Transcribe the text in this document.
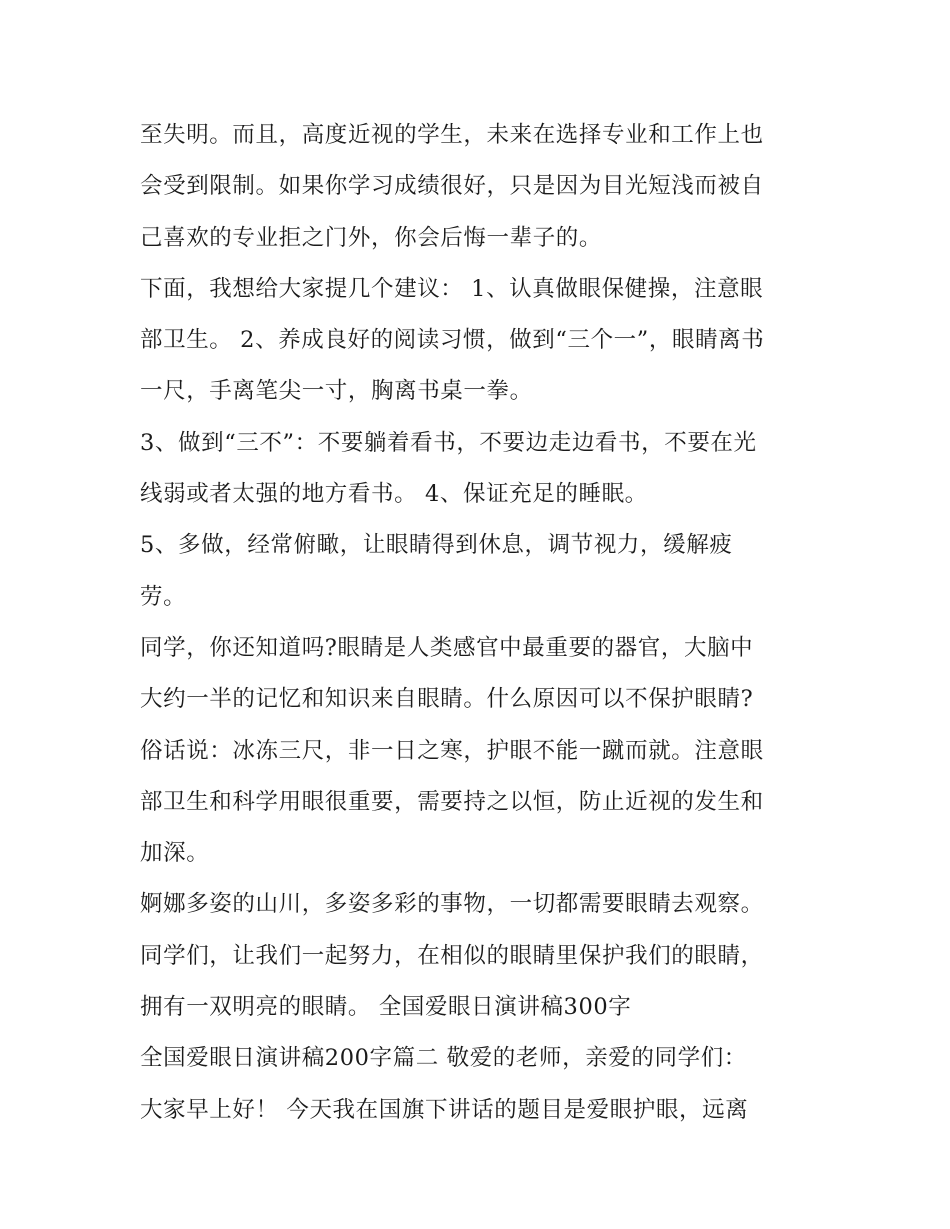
至失明。而且，高度近视的学生，未来在选择专业和工作上也
会受到限制。如果你学习成绩很好，只是因为目光短浅而被自
己喜欢的专业拒之门外，你会后悔一辈子的。
下面，我想给大家提几个建议： 1、认真做眼保健操，注意眼
部卫生。 2、养成良好的阅读习惯，做到“三个一”，眼睛离书
一尺，手离笔尖一寸，胸离书桌一拳。
3、做到“三不”：不要躺着看书，不要边走边看书，不要在光
线弱或者太强的地方看书。 4、保证充足的睡眠。
5、多做，经常俯瞰，让眼睛得到休息，调节视力，缓解疲
劳。
同学，你还知道吗?眼睛是人类感官中最重要的器官，大脑中
大约一半的记忆和知识来自眼睛。什么原因可以不保护眼睛?
俗话说：冰冻三尺，非一日之寒，护眼不能一蹴而就。注意眼
部卫生和科学用眼很重要，需要持之以恒，防止近视的发生和
加深。
婀娜多姿的山川，多姿多彩的事物，一切都需要眼睛去观察。
同学们，让我们一起努力，在相似的眼睛里保护我们的眼睛，
拥有一双明亮的眼睛。 全国爱眼日演讲稿300字
全国爱眼日演讲稿200字篇二 敬爱的老师，亲爱的同学们：
大家早上好！ 今天我在国旗下讲话的题目是爱眼护眼，远离
